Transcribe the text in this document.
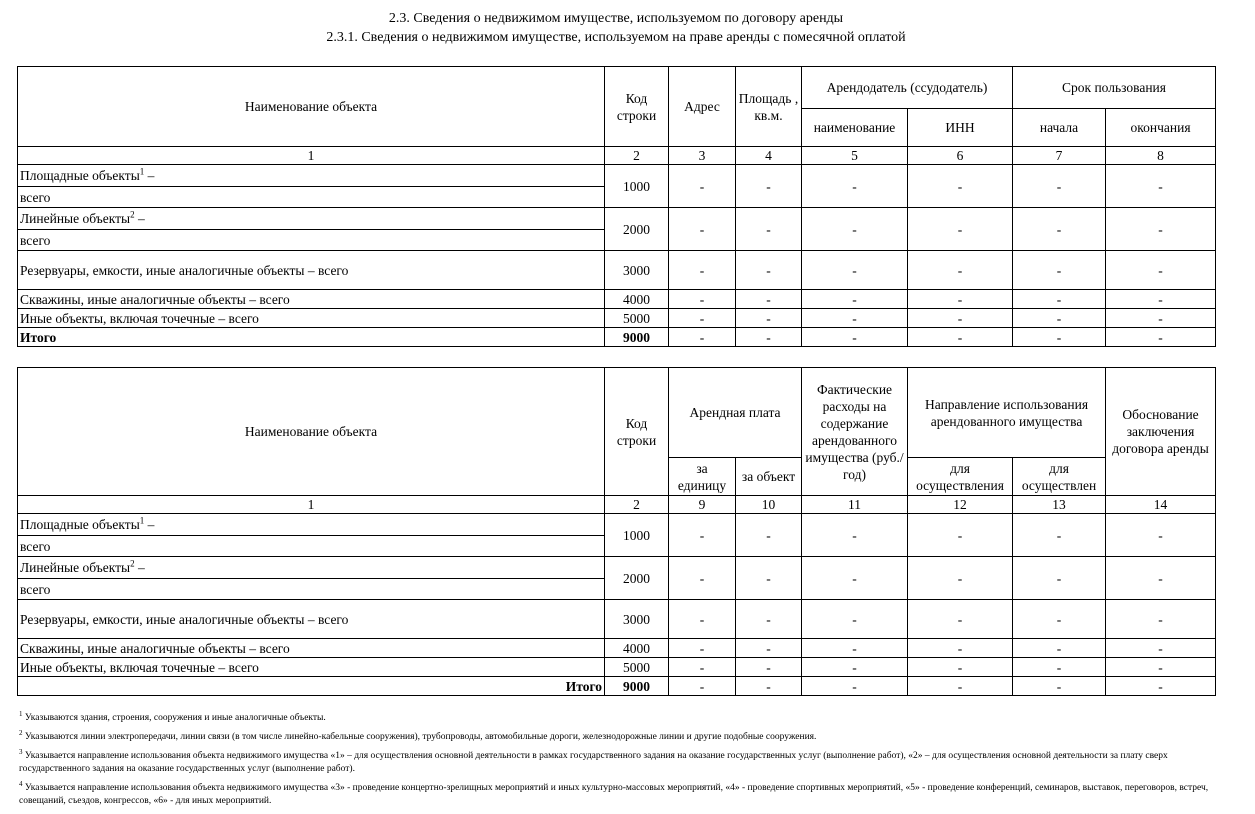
2.3. Сведения о недвижимом имуществе, используемом по договору аренды
2.3.1. Сведения о недвижимом имуществе, используемом на праве аренды с помесячной оплатой
Наименование объекта	Код строки	Адрес	Площадь , кв.м.	Арендодатель (ссудодатель)		Срок пользования	
				наименование	ИНН	начала	окончания
1	2	3	4	5	6	7	8
Площадные объекты$^1$ –	1000	-	-	-	-	-	-
всего							
Линейные объекты$^2$ –	2000	-	-	-	-	-	-
всего							
Резервуары, емкости, иные аналогичные объекты – всего	3000	-	-	-	-	-	-
Скважины, иные аналогичные объекты – всего	4000	-	-	-	-	-	-
Иные объекты, включая точечные – всего	5000	-	-	-	-	-	-
Итого	9000	-	-	-	-	-	-
Наименование объекта	Код строки	Арендная плата		Фактические расходы на содержание арендованного имущества (руб./год)	Направление использования арендованного имущества		Обоснование заключения договора аренды
		за единицу	за объект		для осуществления	для осуществлен	
1	2	9	10	11	12	13	14
Площадные объекты$^1$ –	1000	-	-	-	-	-	-
всего							
Линейные объекты$^2$ –	2000	-	-	-	-	-	-
всего							
Резервуары, емкости, иные аналогичные объекты – всего	3000	-	-	-	-	-	-
Скважины, иные аналогичные объекты – всего	4000	-	-	-	-	-	-
Иные объекты, включая точечные – всего	5000	-	-	-	-	-	-
Итого	9000	-	-	-	-	-	-
$^1$ Указываются здания, строения, сооружения и иные аналогичные объекты.
$^2$ Указываются линии электропередачи, линии связи (в том числе линейно-кабельные сооружения), трубопроводы, автомобильные дороги, железнодорожные линии и другие подобные сооружения.
$^3$ Указывается направление использования объекта недвижимого имущества «1» – для осуществления основной деятельности в рамках государственного задания на оказание государственных услуг (выполнение работ), «2» – для осуществления основной деятельности за плату сверх государственного задания на оказание государственных услуг (выполнение работ).
$^4$ Указывается направление использования объекта недвижимого имущества «3» - проведение концертно-зрелищных мероприятий и иных культурно-массовых мероприятий, «4» - проведение спортивных мероприятий, «5» - проведение конференций, семинаров, выставок, переговоров, встреч, совещаний, съездов, конгрессов, «6» - для иных мероприятий.
